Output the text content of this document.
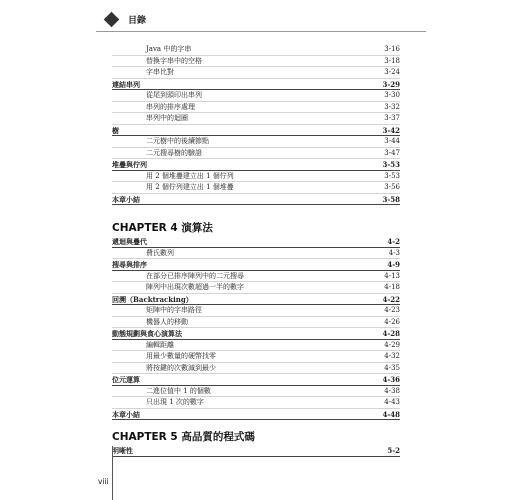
目錄
Java 中的字串	3-16
替換字串中的空格	3-18
字串比對	3-24
連結串列	3-29
從尾到頭印出串列	3-30
串列的排序處理	3-32
串列中的迴圈	3-37
樹	3-42
二元樹中的後續節點	3-44
二元搜尋樹的驗證	3-47
堆疊與佇列	3-53
用 2 個堆疊建立出 1 個佇列	3-53
用 2 個佇列建立出 1 個堆疊	3-56
本章小結	3-58
CHAPTER 4 演算法
遞迴與疊代	4-2
費氏數列	4-3
搜尋與排序	4-9
在部分已排序陣列中的二元搜尋	4-13
陣列中出現次數超過一半的數字	4-18
回溯（Backtracking）	4-22
矩陣中的字串路徑	4-23
機器人的移動	4-26
動態規劃與貪心演算法	4-28
編輯距離	4-29
用最少數量的硬幣找零	4-32
將按鍵的次數減到最少	4-35
位元運算	4-36
二進位值中 1 的個數	4-38
只出現 1 次的數字	4-43
本章小結	4-48
CHAPTER 5 高品質的程式碼
明晰性	5-2
viii
